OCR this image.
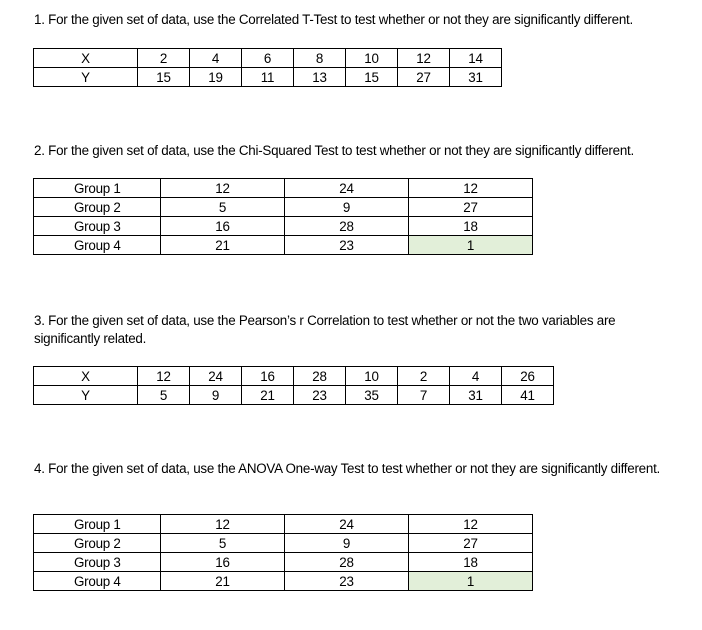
1. For the given set of data, use the Correlated T-Test to test whether or not they are significantly different.

X	2	4	6	8	10	12	14
Y	15	19	11	13	15	27	31

2. For the given set of data, use the Chi-Squared Test to test whether or not they are significantly different.

Group 1	12	24	12
Group 2	5	9	27
Group 3	16	28	18
Group 4	21	23	1

3. For the given set of data, use the Pearson’s r Correlation to test whether or not the two variables are significantly related.

X	12	24	16	28	10	2	4	26
Y	5	9	21	23	35	7	31	41

4. For the given set of data, use the ANOVA One-way Test to test whether or not they are significantly different.

Group 1	12	24	12
Group 2	5	9	27
Group 3	16	28	18
Group 4	21	23	1
